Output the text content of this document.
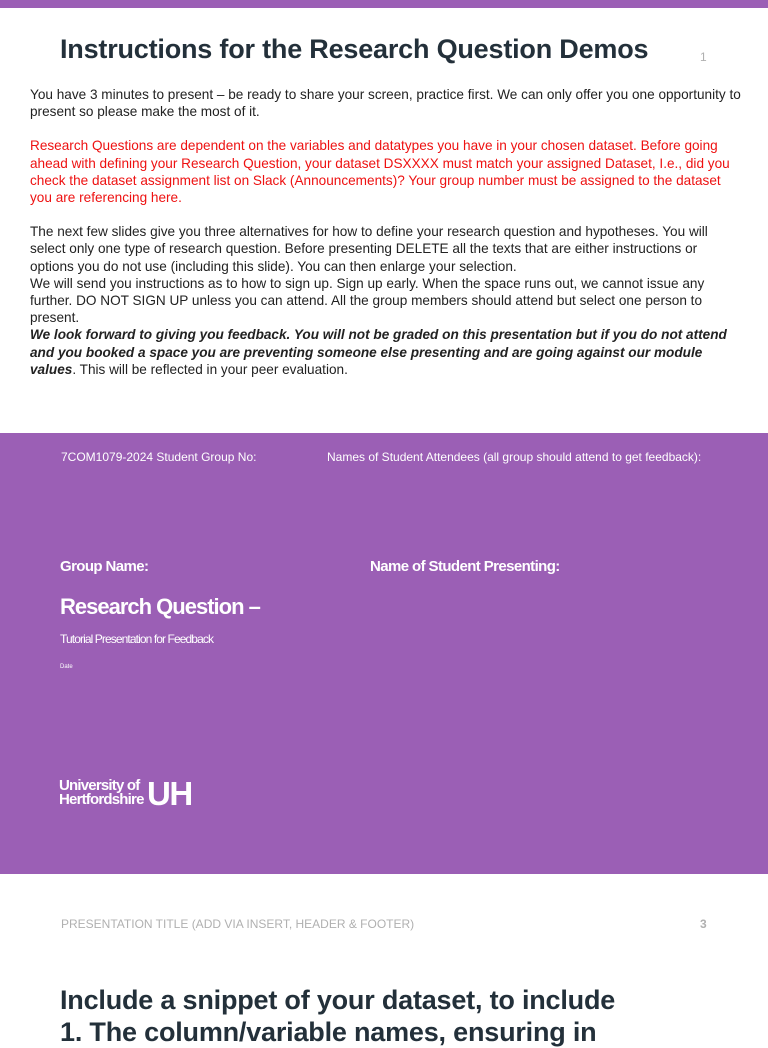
Instructions for the Research Question Demos	1

You have 3 minutes to present – be ready to share your screen, practice first. We can only offer you one opportunity to present so please make the most of it.

Research Questions are dependent on the variables and datatypes you have in your chosen dataset. Before going ahead with defining your Research Question, your dataset DSXXXX must match your assigned Dataset, I.e., did you check the dataset assignment list on Slack (Announcements)? Your group number must be assigned to the dataset you are referencing here.

The next few slides give you three alternatives for how to define your research question and hypotheses. You will select only one type of research question. Before presenting DELETE all the texts that are either instructions or options you do not use (including this slide). You can then enlarge your selection.

We will send you instructions as to how to sign up. Sign up early. When the space runs out, we cannot issue any further. DO NOT SIGN UP unless you can attend. All the group members should attend but select one person to present.

We look forward to giving you feedback. You will not be graded on this presentation but if you do not attend and you booked a space you are preventing someone else presenting and are going against our module values. This will be reflected in your peer evaluation.

7COM1079-2024 Student Group No:	Names of Student Attendees (all group should attend to get feedback):
Group Name:	Name of Student Presenting:
Research Question –
Tutorial Presentation for Feedback
Date
University of
Hertfordshire UH
PRESENTATION TITLE (ADD VIA INSERT, HEADER & FOOTER)	3
Include a snippet of your dataset, to include
1. The column/variable names, ensuring in
